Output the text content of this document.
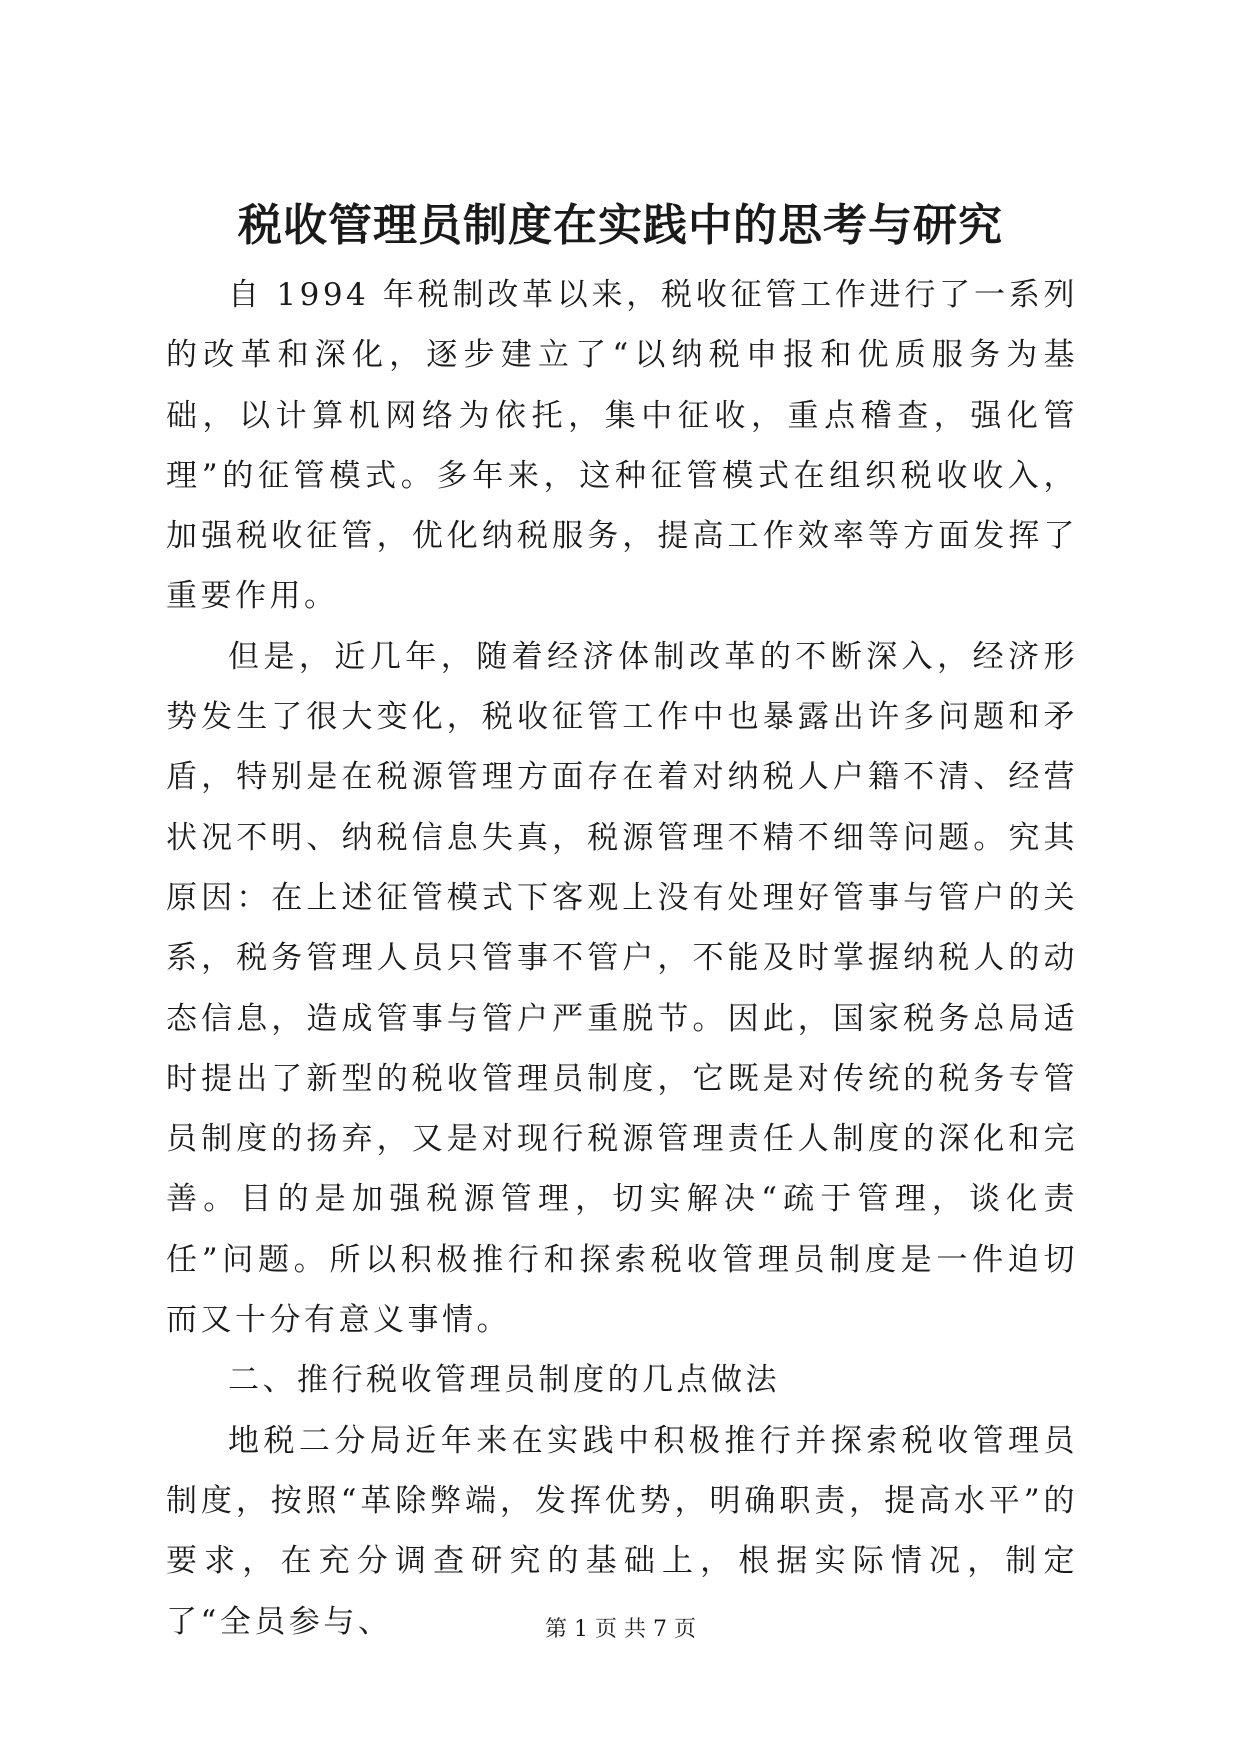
税收管理员制度在实践中的思考与研究

自 1994 年税制改革以来，税收征管工作进行了一系列的改革和深化，逐步建立了“以纳税申报和优质服务为基础，以计算机网络为依托，集中征收，重点稽查，强化管理”的征管模式。多年来，这种征管模式在组织税收收入，加强税收征管，优化纳税服务，提高工作效率等方面发挥了重要作用。

但是，近几年，随着经济体制改革的不断深入，经济形势发生了很大变化，税收征管工作中也暴露出许多问题和矛盾，特别是在税源管理方面存在着对纳税人户籍不清、经营状况不明、纳税信息失真，税源管理不精不细等问题。究其原因：在上述征管模式下客观上没有处理好管事与管户的关系，税务管理人员只管事不管户，不能及时掌握纳税人的动态信息，造成管事与管户严重脱节。因此，国家税务总局适时提出了新型的税收管理员制度，它既是对传统的税务专管员制度的扬弃，又是对现行税源管理责任人制度的深化和完善。目的是加强税源管理，切实解决“疏于管理，谈化责任”问题。所以积极推行和探索税收管理员制度是一件迫切而又十分有意义事情。

二、推行税收管理员制度的几点做法

地税二分局近年来在实践中积极推行并探索税收管理员制度，按照“革除弊端，发挥优势，明确职责，提高水平”的要求，在充分调查研究的基础上，根据实际情况，制定了“全员参与、	第 1 页 共 7 页
